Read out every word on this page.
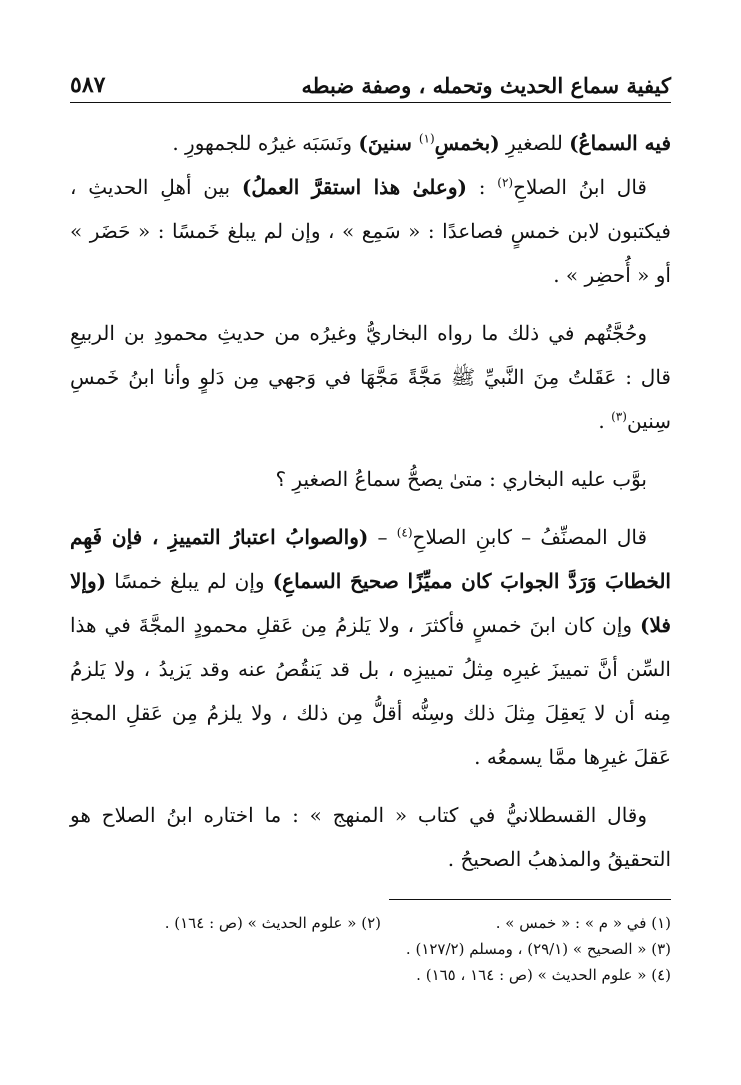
كيفية سماع الحديث وتحمله ، وصفة ضبطه
٥٨٧

فيه السماعُ) للصغيرِ (بخمسِ$^{(١)}$ سنينَ) ونَسَبَه غيرُه للجمهورِ .

قال ابنُ الصلاحِ$^{(٢)}$ : (وعلىٰ هذا استقرَّ العملُ) بين أهلِ الحديثِ ، فيكتبون لابن خمسٍ فصاعدًا : « سَمِع » ، وإن لم يبلغ خَمسًا : « حَضَر » أو « أُحضِر » .

وحُجَّتُهم في ذلك ما رواه البخاريُّ وغيرُه من حديثِ محمودِ بن الربيعِ قال : عَقَلتُ مِنَ النَّبيِّ ﷺ مَجَّةً مَجَّهَا في وَجهي مِن دَلوٍ وأنا ابنُ خَمسِ سِنين$^{(٣)}$ .

بوَّب عليه البخاري : متىٰ يصحُّ سماعُ الصغيرِ ؟

قال المصنِّفُ – كابنِ الصلاحِ$^{(٤)}$ – (والصوابُ اعتبارُ التمييزِ ، فإن فَهِم الخطابَ وَرَدَّ الجوابَ كان مميِّزًا صحيحَ السماعِ) وإن لم يبلغ خمسًا (وإلا فلا) وإن كان ابنَ خمسٍ فأكثرَ ، ولا يَلزمُ مِن عَقلِ محمودٍ المجَّةَ في هذا السِّن أنَّ تمييزَ غيرِه مِثلُ تمييزِه ، بل قد يَنقُصُ عنه وقد يَزيدُ ، ولا يَلزمُ مِنه أن لا يَعقِلَ مِثلَ ذلك وسِنُّه أقلُّ مِن ذلك ، ولا يلزمُ مِن عَقلِ المجةِ عَقلَ غيرِها ممَّا يسمعُه .

وقال القسطلانيُّ في كتاب « المنهج » : ما اختاره ابنُ الصلاح هو التحقيقُ والمذهبُ الصحيحُ .

(١) في « م » : « خمس » .
(٢) « علوم الحديث » (ص : ١٦٤) .
(٣) « الصحيح » (٢٩/١) ، ومسلم (١٢٧/٢) .
(٤) « علوم الحديث » (ص : ١٦٤ ، ١٦٥) .
